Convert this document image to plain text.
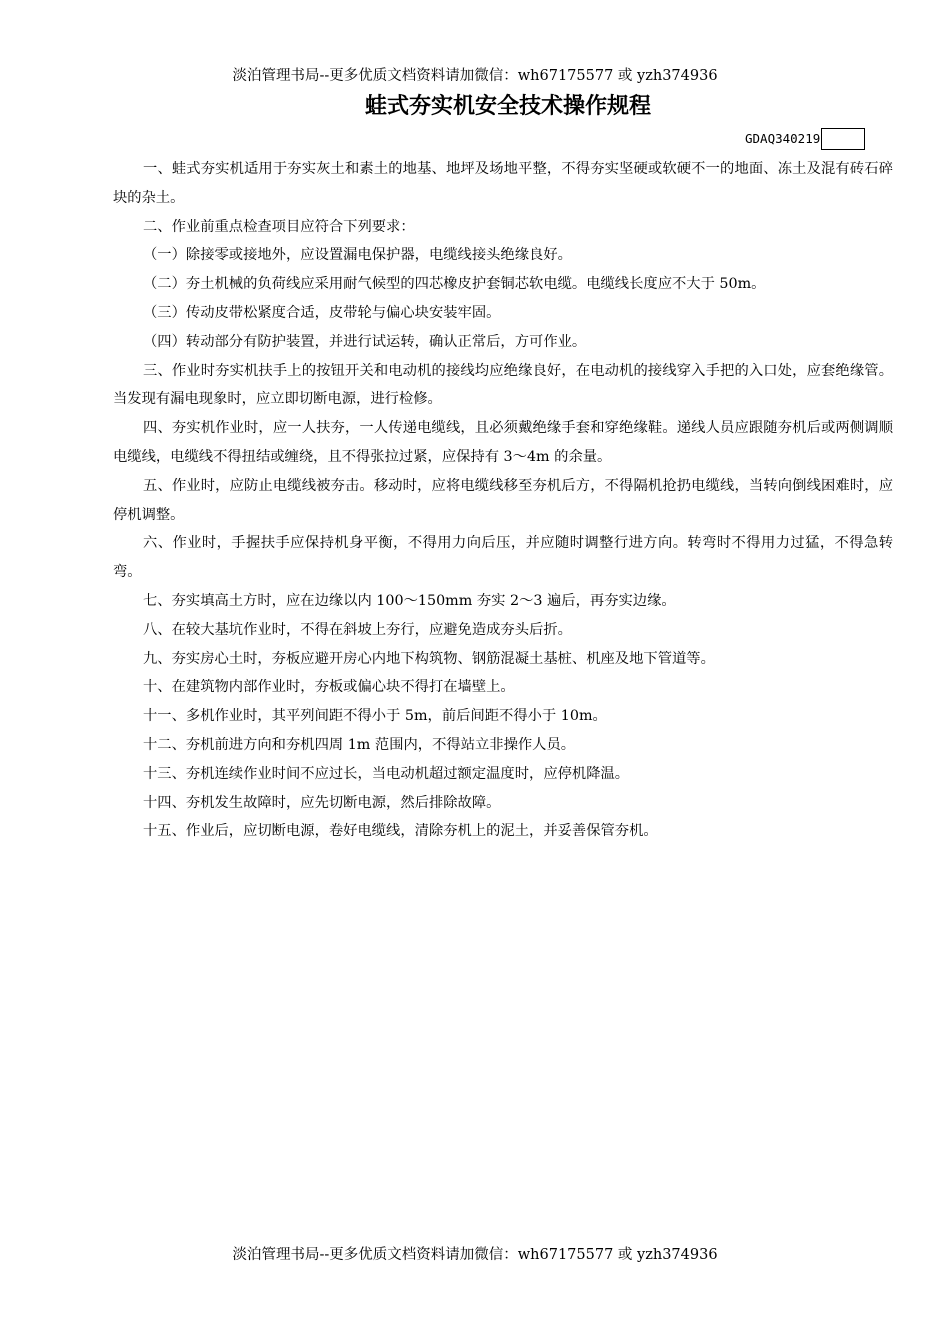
淡泊管理书局--更多优质文档资料请加微信：wh67175577 或 yzh374936
蛙式夯实机安全技术操作规程
GDAQ340219

一、蛙式夯实机适用于夯实灰土和素土的地基、地坪及场地平整，不得夯实坚硬或软硬不一的地面、冻土及混有砖石碎块的杂土。

二、作业前重点检查项目应符合下列要求：

（一）除接零或接地外，应设置漏电保护器，电缆线接头绝缘良好。

（二）夯土机械的负荷线应采用耐气候型的四芯橡皮护套铜芯软电缆。电缆线长度应不大于 50m。

（三）传动皮带松紧度合适，皮带轮与偏心块安装牢固。

（四）转动部分有防护装置，并进行试运转，确认正常后，方可作业。

三、作业时夯实机扶手上的按钮开关和电动机的接线均应绝缘良好，在电动机的接线穿入手把的入口处，应套绝缘管。当发现有漏电现象时，应立即切断电源，进行检修。

四、夯实机作业时，应一人扶夯，一人传递电缆线，且必须戴绝缘手套和穿绝缘鞋。递线人员应跟随夯机后或两侧调顺电缆线，电缆线不得扭结或缠绕，且不得张拉过紧，应保持有 3～4m 的余量。

五、作业时，应防止电缆线被夯击。移动时，应将电缆线移至夯机后方，不得隔机抢扔电缆线，当转向倒线困难时，应停机调整。

六、作业时，手握扶手应保持机身平衡，不得用力向后压，并应随时调整行进方向。转弯时不得用力过猛，不得急转弯。

七、夯实填高土方时，应在边缘以内 100～150mm 夯实 2～3 遍后，再夯实边缘。

八、在较大基坑作业时，不得在斜坡上夯行，应避免造成夯头后折。

九、夯实房心土时，夯板应避开房心内地下构筑物、钢筋混凝土基桩、机座及地下管道等。

十、在建筑物内部作业时，夯板或偏心块不得打在墙壁上。

十一、多机作业时，其平列间距不得小于 5m，前后间距不得小于 10m。

十二、夯机前进方向和夯机四周 1m 范围内，不得站立非操作人员。

十三、夯机连续作业时间不应过长，当电动机超过额定温度时，应停机降温。

十四、夯机发生故障时，应先切断电源，然后排除故障。

十五、作业后，应切断电源，卷好电缆线，清除夯机上的泥土，并妥善保管夯机。

淡泊管理书局--更多优质文档资料请加微信：wh67175577 或 yzh374936
